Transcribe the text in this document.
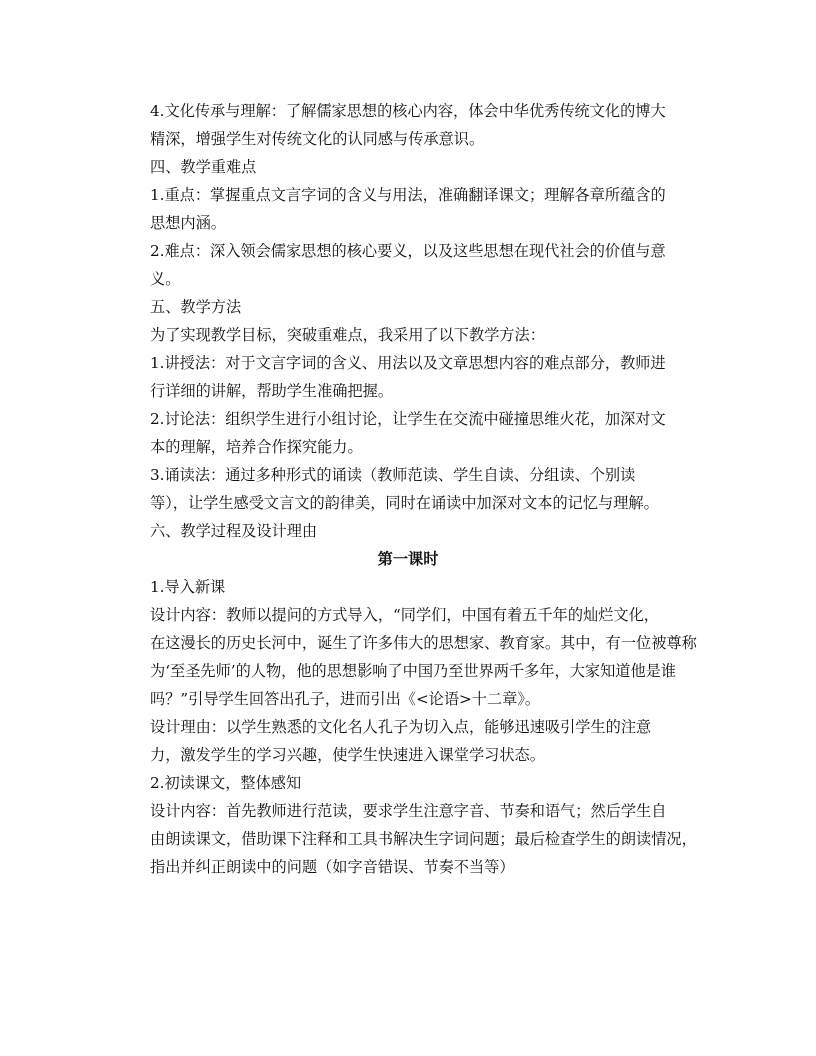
4.文化传承与理解：了解儒家思想的核心内容，体会中华优秀传统文化的博大
精深，增强学生对传统文化的认同感与传承意识。

四、教学重难点

1.重点：掌握重点文言字词的含义与用法，准确翻译课文；理解各章所蕴含的
思想内涵。

2.难点：深入领会儒家思想的核心要义，以及这些思想在现代社会的价值与意
义。

五、教学方法

为了实现教学目标，突破重难点，我采用了以下教学方法：

1.讲授法：对于文言字词的含义、用法以及文章思想内容的难点部分，教师进
行详细的讲解，帮助学生准确把握。

2.讨论法：组织学生进行小组讨论，让学生在交流中碰撞思维火花，加深对文
本的理解，培养合作探究能力。

3.诵读法：通过多种形式的诵读（教师范读、学生自读、分组读、个别读
等），让学生感受文言文的韵律美，同时在诵读中加深对文本的记忆与理解。

六、教学过程及设计理由

第一课时

1.导入新课

设计内容：教师以提问的方式导入，“同学们，中国有着五千年的灿烂文化，
在这漫长的历史长河中，诞生了许多伟大的思想家、教育家。其中，有一位被尊称
为‘至圣先师’的人物，他的思想影响了中国乃至世界两千多年，大家知道他是谁
吗？”引导学生回答出孔子，进而引出《<论语>十二章》。

设计理由：以学生熟悉的文化名人孔子为切入点，能够迅速吸引学生的注意
力，激发学生的学习兴趣，使学生快速进入课堂学习状态。

2.初读课文，整体感知

设计内容：首先教师进行范读，要求学生注意字音、节奏和语气；然后学生自
由朗读课文，借助课下注释和工具书解决生字词问题；最后检查学生的朗读情况，
指出并纠正朗读中的问题（如字音错误、节奏不当等）
